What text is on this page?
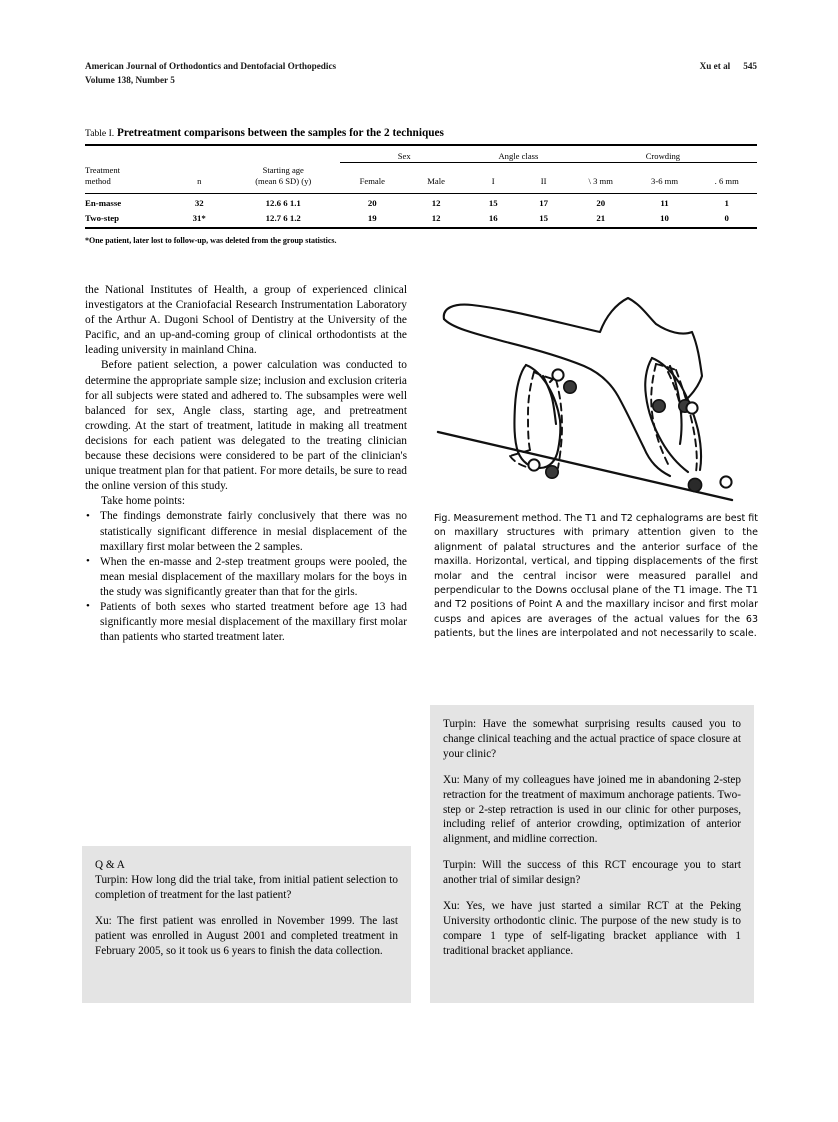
American Journal of Orthodontics and Dentofacial Orthopedics	Xu et al 545
Volume 138, Number 5
Table I. Pretreatment comparisons between the samples for the 2 techniques
			Sex		Angle class		Crowding		

Treatment
method	n	Starting age
(mean 6 SD) (y)	Female	Male	I	II	\ 3 mm	3-6 mm	. 6 mm
En-masse	32	12.6 6 1.1	20	12	15	17	20	11	1
Two-step	31*	12.7 6 1.2	19	12	16	15	21	10	0
*One patient, later lost to follow-up, was deleted from the group statistics.

the National Institutes of Health, a group of experienced clinical investigators at the Craniofacial Research Instrumentation Laboratory of the Arthur A. Dugoni School of Dentistry at the University of the Pacific, and an up-and-coming group of clinical orthodontists at the leading university in mainland China.

Before patient selection, a power calculation was conducted to determine the appropriate sample size; inclusion and exclusion criteria for all subjects were stated and adhered to. The subsamples were well balanced for sex, Angle class, starting age, and pretreatment crowding. At the start of treatment, latitude in making all treatment decisions for each patient was delegated to the treating clinician because these decisions were considered to be part of the clinician's unique treatment plan for that patient. For more details, be sure to read the online version of this study.

Take home points:

• The findings demonstrate fairly conclusively that there was no statistically significant difference in mesial displacement of the maxillary first molar between the 2 samples.
• When the en-masse and 2-step treatment groups were pooled, the mean mesial displacement of the maxillary molars for the boys in the study was significantly greater than that for the girls.
• Patients of both sexes who started treatment before age 13 had significantly more mesial displacement of the maxillary first molar than patients who started treatment later.
Fig. Measurement method. The T1 and T2 cephalograms are best fit on maxillary structures with primary attention given to the alignment of palatal structures and the anterior surface of the maxilla. Horizontal, vertical, and tipping displacements of the first molar and the central incisor were measured parallel and perpendicular to the Downs occlusal plane of the T1 image. The T1 and T2 positions of Point A and the maxillary incisor and first molar cusps and apices are averages of the actual values for the 63 patients, but the lines are interpolated and not necessarily to scale.

Q & A

Turpin: How long did the trial take, from initial patient selection to completion of treatment for the last patient?

Xu: The first patient was enrolled in November 1999. The last patient was enrolled in August 2001 and completed treatment in February 2005, so it took us 6 years to finish the data collection.

Turpin: Have the somewhat surprising results caused you to change clinical teaching and the actual practice of space closure at your clinic?

Xu: Many of my colleagues have joined me in abandoning 2-step retraction for the treatment of maximum anchorage patients. Two-step or 2-step retraction is used in our clinic for other purposes, including relief of anterior crowding, optimization of anterior alignment, and midline correction.

Turpin: Will the success of this RCT encourage you to start another trial of similar design?

Xu: Yes, we have just started a similar RCT at the Peking University orthodontic clinic. The purpose of the new study is to compare 1 type of self-ligating bracket appliance with 1 traditional bracket appliance.
